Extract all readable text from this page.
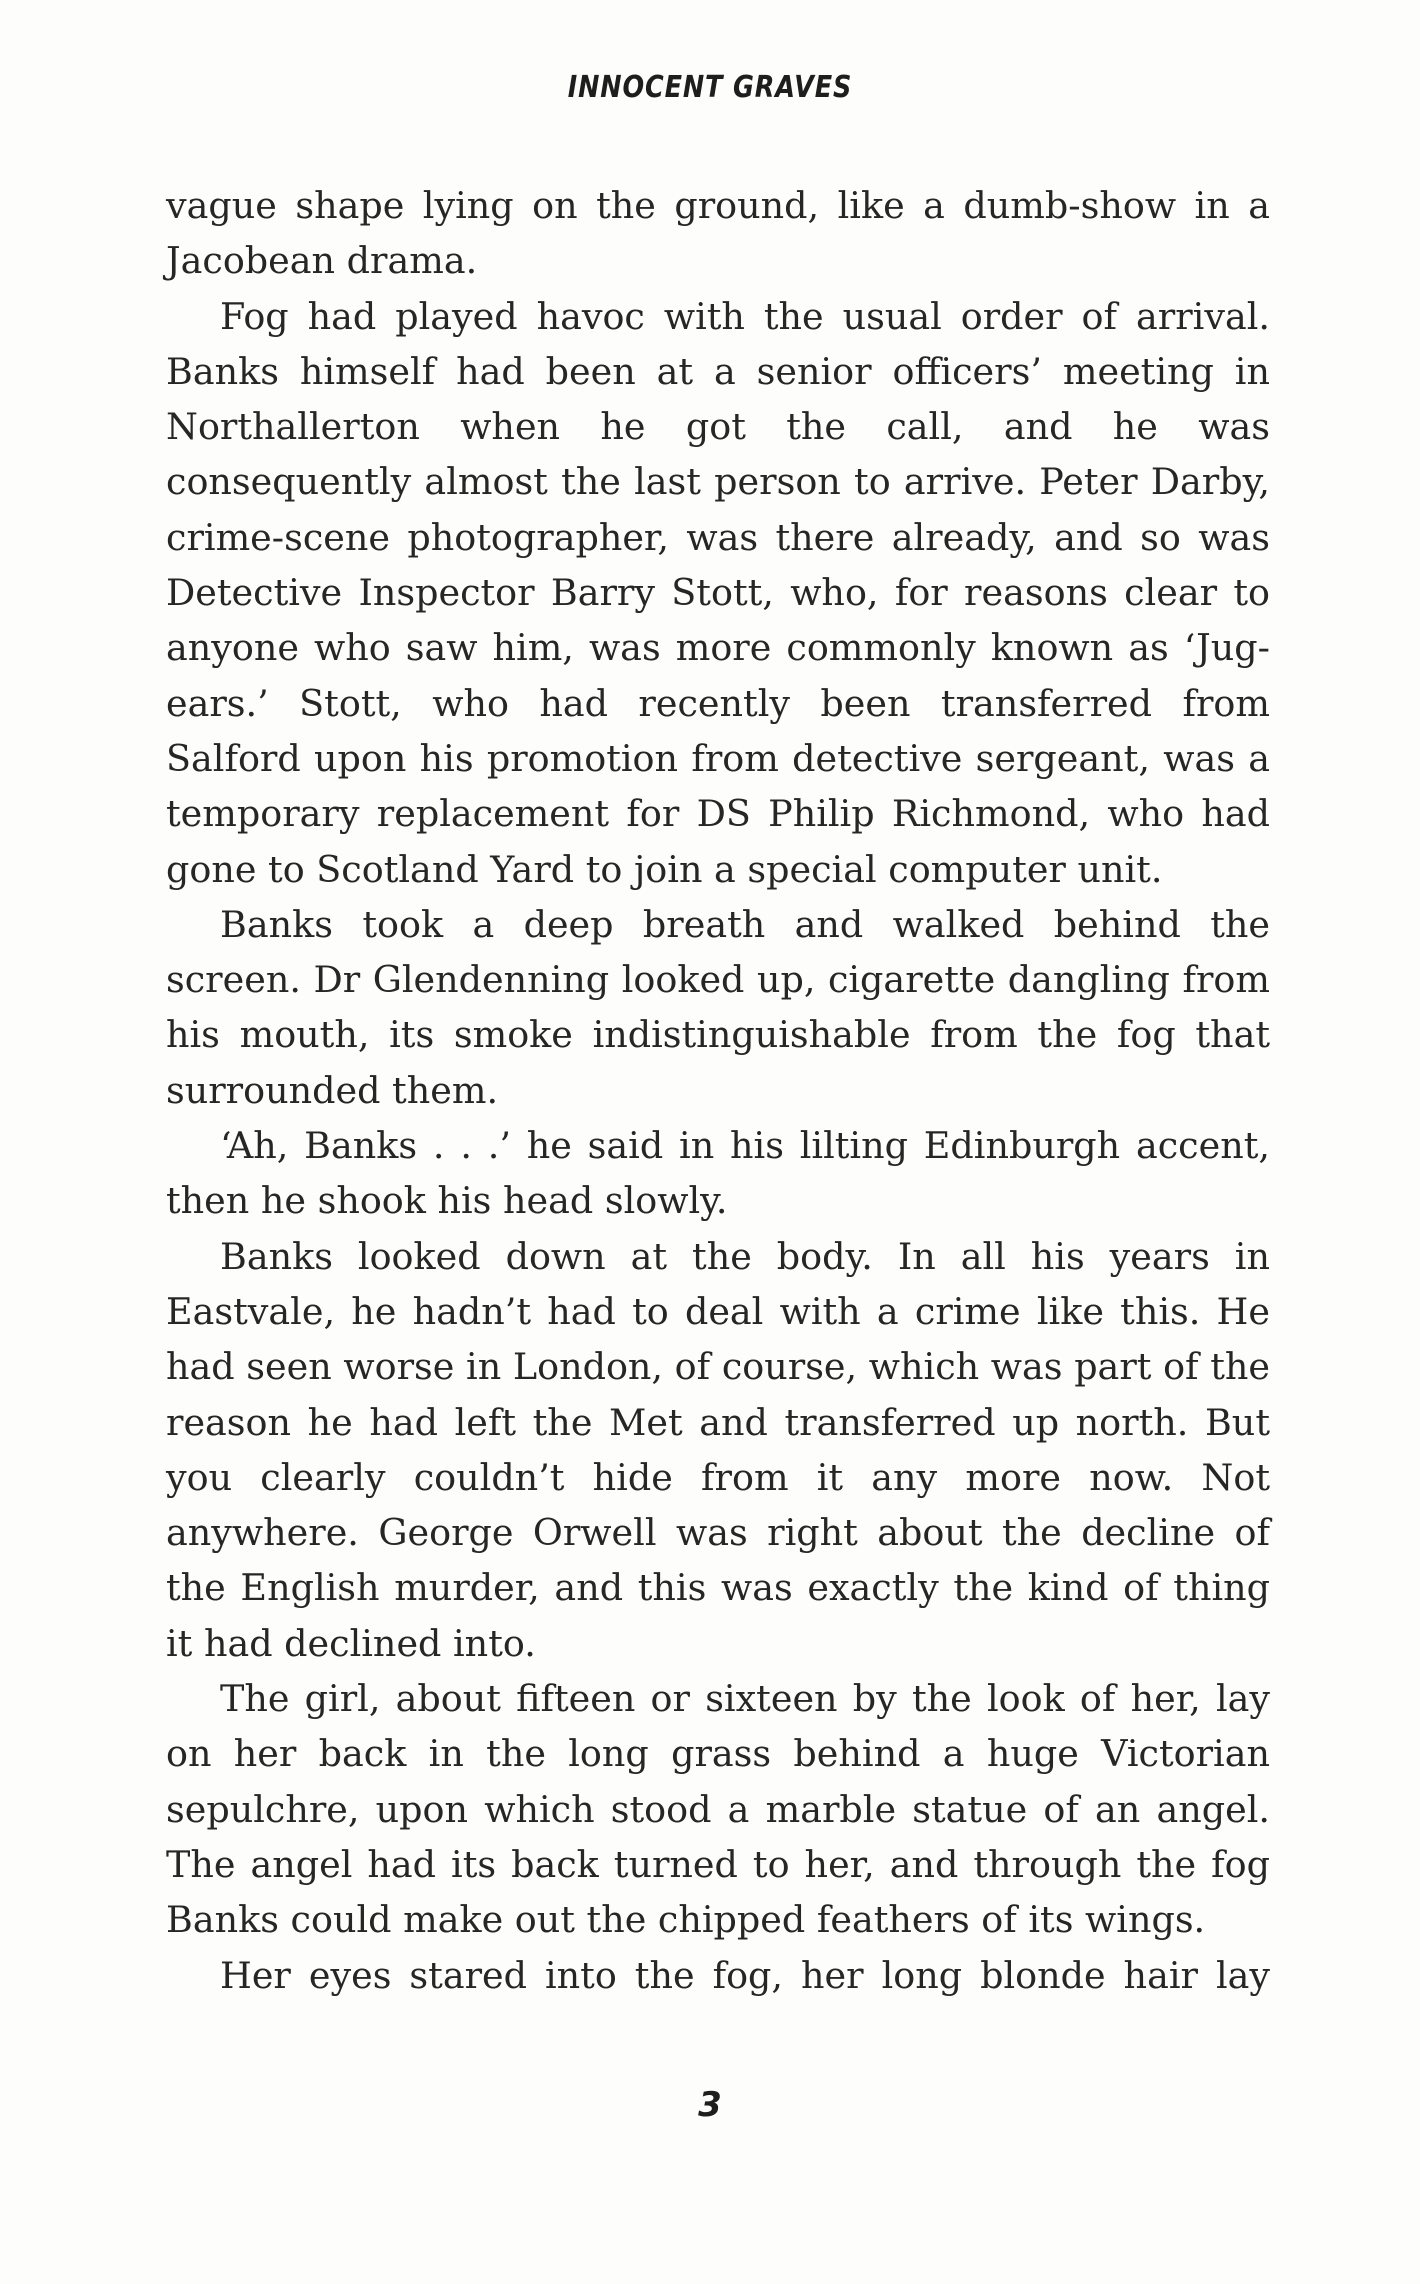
INNOCENT GRAVES

vague shape lying on the ground, like a dumb-show in a Jacobean drama.

Fog had played havoc with the usual order of arrival. Banks himself had been at a senior officers’ meeting in Northallerton when he got the call, and he was consequently almost the last person to arrive. Peter Darby, crime-scene photographer, was there already, and so was Detective Inspector Barry Stott, who, for reasons clear to anyone who saw him, was more commonly known as ‘Jug-ears.’ Stott, who had recently been transferred from Salford upon his promotion from detective sergeant, was a temporary replacement for DS Philip Richmond, who had gone to Scotland Yard to join a special computer unit.

Banks took a deep breath and walked behind the screen. Dr Glendenning looked up, cigarette dangling from his mouth, its smoke indistinguishable from the fog that surrounded them.

‘Ah, Banks . . .’ he said in his lilting Edinburgh accent, then he shook his head slowly.

Banks looked down at the body. In all his years in Eastvale, he hadn’t had to deal with a crime like this. He had seen worse in London, of course, which was part of the reason he had left the Met and transferred up north. But you clearly couldn’t hide from it any more now. Not anywhere. George Orwell was right about the decline of the English murder, and this was exactly the kind of thing it had declined into.

The girl, about fifteen or sixteen by the look of her, lay on her back in the long grass behind a huge Victorian sepulchre, upon which stood a marble statue of an angel. The angel had its back turned to her, and through the fog Banks could make out the chipped feathers of its wings.

Her eyes stared into the fog, her long blonde hair lay

3
